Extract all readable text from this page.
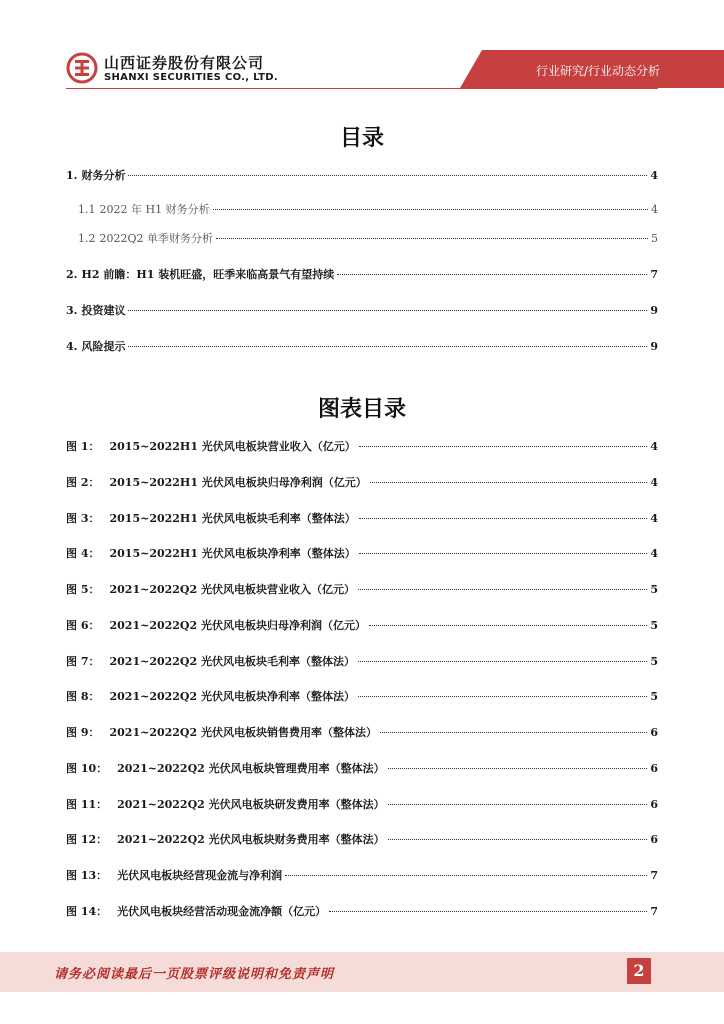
山西证券股份有限公司
SHANXI SECURITIES CO., LTD.	行业研究/行业动态分析
目录
1. 财务分析	4
1.1 2022 年 H1 财务分析	4
1.2 2022Q2 单季财务分析	5
2. H2 前瞻：H1 装机旺盛，旺季来临高景气有望持续	7
3. 投资建议	9
4. 风险提示	9
图表目录
图 1： 2015~2022H1 光伏风电板块营业收入（亿元）	4
图 2： 2015~2022H1 光伏风电板块归母净利润（亿元）	4
图 3： 2015~2022H1 光伏风电板块毛利率（整体法）	4
图 4： 2015~2022H1 光伏风电板块净利率（整体法）	4
图 5： 2021~2022Q2 光伏风电板块营业收入（亿元）	5
图 6： 2021~2022Q2 光伏风电板块归母净利润（亿元）	5
图 7： 2021~2022Q2 光伏风电板块毛利率（整体法）	5
图 8： 2021~2022Q2 光伏风电板块净利率（整体法）	5
图 9： 2021~2022Q2 光伏风电板块销售费用率（整体法）	6
图 10： 2021~2022Q2 光伏风电板块管理费用率（整体法）	6
图 11： 2021~2022Q2 光伏风电板块研发费用率（整体法）	6
图 12： 2021~2022Q2 光伏风电板块财务费用率（整体法）	6
图 13： 光伏风电板块经营现金流与净利润	7
图 14： 光伏风电板块经营活动现金流净额（亿元）	7
请务必阅读最后一页股票评级说明和免责声明	2
